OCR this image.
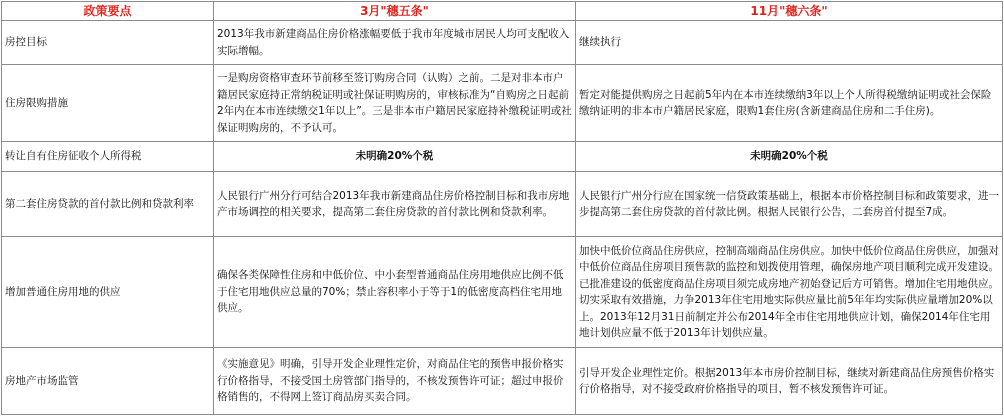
政策要点	3月"穗五条"	11月"穗六条"
房控目标	2013年我市新建商品住房价格涨幅要低于我市年度城市居民人均可支配收入实际增幅。	继续执行
住房限购措施	一是购房资格审查环节前移至签订购房合同（认购）之前。二是对非本市户籍居民家庭持正常纳税证明或社保证明购房的，审核标准为“自购房之日起前2年内在本市连续缴交1年以上”。三是非本市户籍居民家庭持补缴税证明或社保证明购房的，不予认可。	暂定对能提供购房之日起前5年内在本市连续缴纳3年以上个人所得税缴纳证明或社会保险缴纳证明的非本市户籍居民家庭，限购1套住房(含新建商品住房和二手住房)。
转让自有住房征收个人所得税	未明确20%个税	未明确20%个税
第二套住房贷款的首付款比例和贷款利率	人民银行广州分行可结合2013年我市新建商品住房价格控制目标和我市房地产市场调控的相关要求，提高第二套住房贷款的首付款比例和贷款利率。	人民银行广州分行应在国家统一信贷政策基础上，根据本市价格控制目标和政策要求，进一步提高第二套住房贷款的首付款比例。根据人民银行公告，二套房首付提至7成。
增加普通住房用地的供应	确保各类保障性住房和中低价位、中小套型普通商品住房用地供应比例不低于住宅用地供应总量的70%；禁止容积率小于等于1的低密度高档住宅用地供应。	加快中低价位商品住房供应，控制高端商品住房供应。加快中低价位商品住房供应，加强对中低价位商品住房项目预售款的监控和划拨使用管理，确保房地产项目顺利完成开发建设。已批准建设的低密度商品住房项目须完成房地产初始登记后方可销售。增加住宅用地供应。切实采取有效措施，力争2013年住宅用地实际供应量比前5年年均实际供应量增加20%以上。2013年12月31日前制定并公布2014年全市住宅用地供应计划，确保2014年住宅用地计划供应量不低于2013年计划供应量。
房地产市场监管	《实施意见》明确，引导开发企业理性定价，对商品住宅的预售申报价格实行价格指导，不接受国土房管部门指导的，不核发预售许可证；超过申报价格销售的，不得网上签订商品房买卖合同。	引导开发企业理性定价。根据2013年本市房价控制目标，继续对新建商品住房预售价格实行价格指导，对不接受政府价格指导的项目，暂不核发预售许可证。
